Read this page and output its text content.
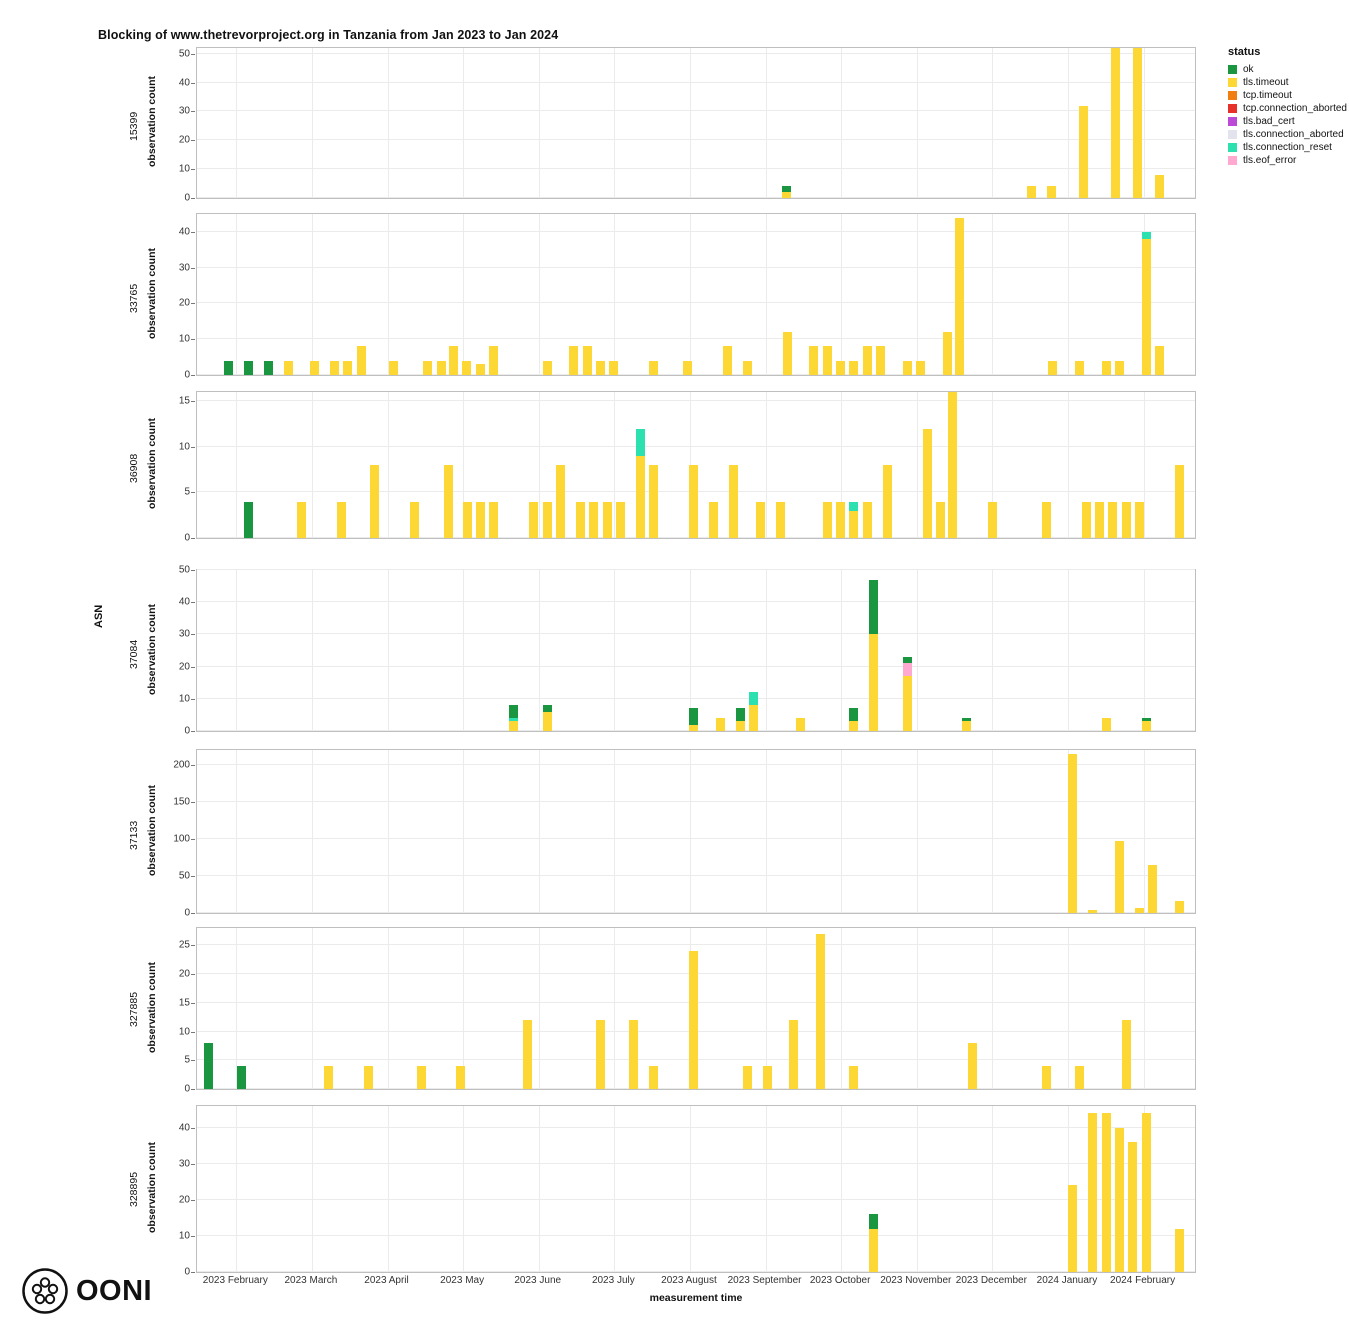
Blocking of www.thetrevorproject.org in Tanzania from Jan 2023 to Jan 2024
status
ok
tls.timeout
tcp.timeout
tcp.connection_aborted
tls.bad_cert
tls.connection_aborted
tls.connection_reset
tls.eof_error
ASN
0
10
20
30
40
50
observation count
15399
0
10
20
30
40
observation count
33765
0
5
10
15
observation count
36908
0
10
20
30
40
50
observation count
37084
0
50
100
150
200
observation count
37133
0
5
10
15
20
25
observation count
327885
0
10
20
30
40
observation count
328895
2023 February 2023 March	2023 April	2023 May	2023 June	2023 July	2023 August 2023 September 2023 October 2023 November 2023 December 2024 January 2024 February
measurement time
OONI
